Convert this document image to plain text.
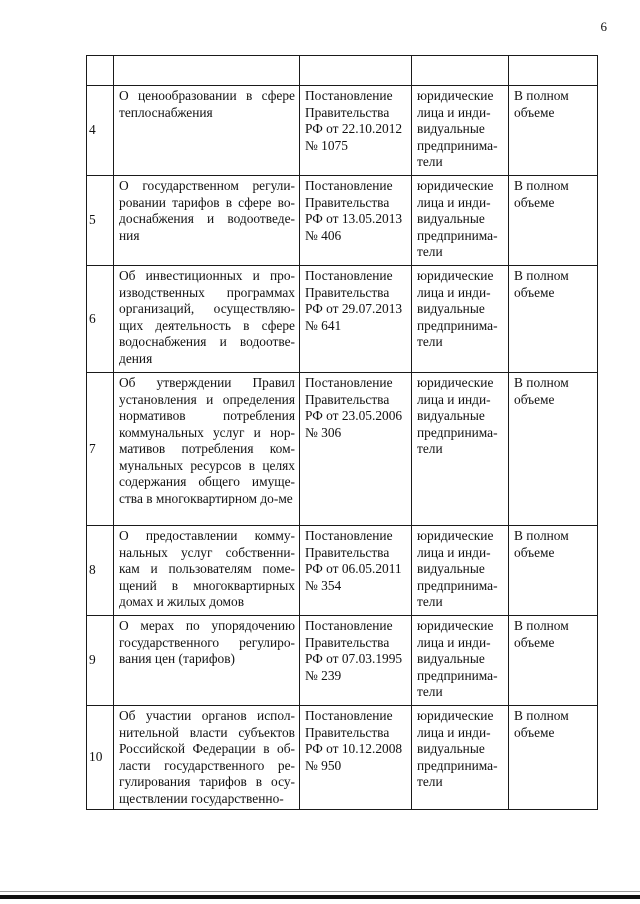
6

4	О ценообразовании в сфере теплоснабжения	Постановление Правительства РФ от 22.10.2012 № 1075	юридические лица и инди-видуальные предпринима-тели	В полном объеме
5	О государственном регули-ровании тарифов в сфере во-доснабжения и водоотведе-ния	Постановление Правительства РФ от 13.05.2013 № 406	юридические лица и инди-видуальные предпринима-тели	В полном объеме
6	Об инвестиционных и про-изводственных программах организаций, осуществляю-щих деятельность в сфере водоснабжения и водоотве-дения	Постановление Правительства РФ от 29.07.2013 № 641	юридические лица и инди-видуальные предпринима-тели	В полном объеме
7	Об утверждении Правил установления и определения нормативов потребления коммунальных услуг и нор-мативов потребления ком-мунальных ресурсов в целях содержания общего имуще-ства в многоквартирном до-ме	Постановление Правительства РФ от 23.05.2006 № 306	юридические лица и инди-видуальные предпринима-тели	В полном объеме
8	О предоставлении комму-нальных услуг собственни-кам и пользователям поме-щений в многоквартирных домах и жилых домов	Постановление Правительства РФ от 06.05.2011 № 354	юридические лица и инди-видуальные предпринима-тели	В полном объеме
9	О мерах по упорядочению государственного регулиро-вания цен (тарифов)	Постановление Правительства РФ от 07.03.1995 № 239	юридические лица и инди-видуальные предпринима-тели	В полном объеме
10	Об участии органов испол-нительной власти субъектов Российской Федерации в об-ласти государственного ре-гулирования тарифов в осу-ществлении государственно-	Постановление Правительства РФ от 10.12.2008 № 950	юридические лица и инди-видуальные предпринима-тели	В полном объеме
